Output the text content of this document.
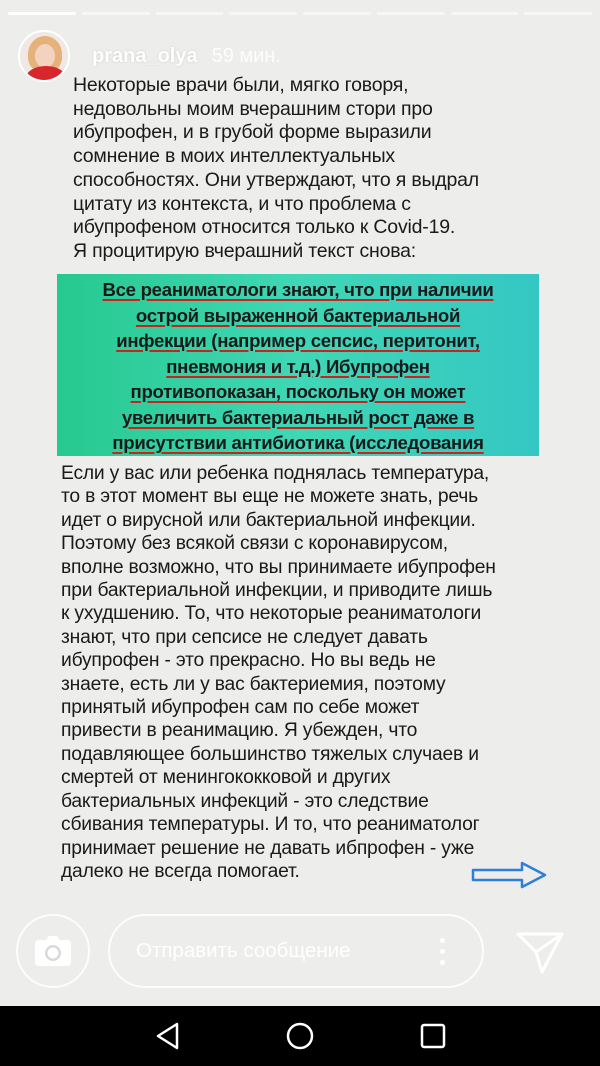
prana_olya 59 мин.

Некоторые врачи были, мягко говоря,
недовольны моим вчерашним стори про
ибупрофен, и в грубой форме выразили
сомнение в моих интеллектуальных
способностях. Они утверждают, что я выдрал
цитату из контекста, и что проблема с
ибупрофеном относится только к Covid-19.
Я процитирую вчерашний текст снова:

Все реаниматологи знают, что при наличии
острой выраженной бактериальной
инфекции (например сепсис, перитонит,
пневмония и т.д.) Ибупрофен
противопоказан, поскольку он может
увеличить бактериальный рост даже в
присутствии антибиотика (исследования

Если у вас или ребенка поднялась температура,
то в этот момент вы еще не можете знать, речь
идет о вирусной или бактериальной инфекции.
Поэтому без всякой связи с коронавирусом,
вполне возможно, что вы принимаете ибупрофен
при бактериальной инфекции, и приводите лишь
к ухудшению. То, что некоторые реаниматологи
знают, что при сепсисе не следует давать
ибупрофен - это прекрасно. Но вы ведь не
знаете, есть ли у вас бактериемия, поэтому
принятый ибупрофен сам по себе может
привести в реанимацию. Я убежден, что
подавляющее большинство тяжелых случаев и
смертей от менингококковой и других
бактериальных инфекций - это следствие
сбивания температуры. И то, что реаниматолог
принимает решение не давать ибпрофен - уже
далеко не всегда помогает.

Отправить сообщение
